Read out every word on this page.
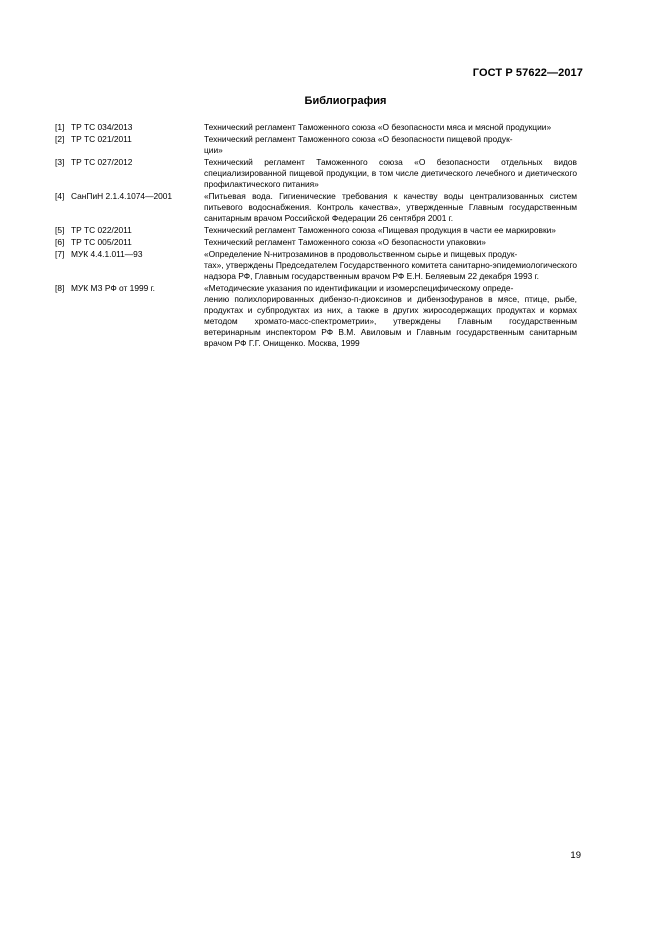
ГОСТ Р 57622—2017
Библиография
[1] ТР ТС 034/2013	Технический регламент Таможенного союза «О безопасности мяса и мясной продукции»
[2] ТР ТС 021/2011	Технический регламент Таможенного союза «О безопасности пищевой продук-
ции»
[3] ТР ТС 027/2012	Технический регламент Таможенного союза «О безопасности отдельных видов специализированной пищевой продукции, в том числе диетического лечебного и диетического профилактического питания»
[4] СанПиН 2.1.4.1074—2001	«Питьевая вода. Гигиенические требования к качеству воды централизованных систем питьевого водоснабжения. Контроль качества», утвержденные Главным государственным санитарным врачом Российской Федерации 26 сентября 2001 г.
[5] ТР ТС 022/2011	Технический регламент Таможенного союза «Пищевая продукция в части ее маркировки»
[6] ТР ТС 005/2011	Технический регламент Таможенного союза «О безопасности упаковки»
[7] МУК 4.4.1.011—93	«Определение N-нитрозаминов в продовольственном сырье и пищевых продук-
тах», утверждены Председателем Государственного комитета санитарно-эпидемиологического надзора РФ, Главным государственным врачом РФ Е.Н. Беляевым 22 декабря 1993 г.
[8] МУК МЗ РФ от 1999 г.	«Методические указания по идентификации и изомерспецифическому опреде-
лению полихлорированных дибензо-п-диоксинов и дибензофуранов в мясе, птице, рыбе, продуктах и субпродуктах из них, а также в других жиросодержащих продуктах и кормах методом хромато-масс-спектрометрии», утверждены Главным государственным ветеринарным инспектором РФ В.М. Авиловым и Главным государственным санитарным врачом РФ Г.Г. Онищенко. Москва, 1999
19
